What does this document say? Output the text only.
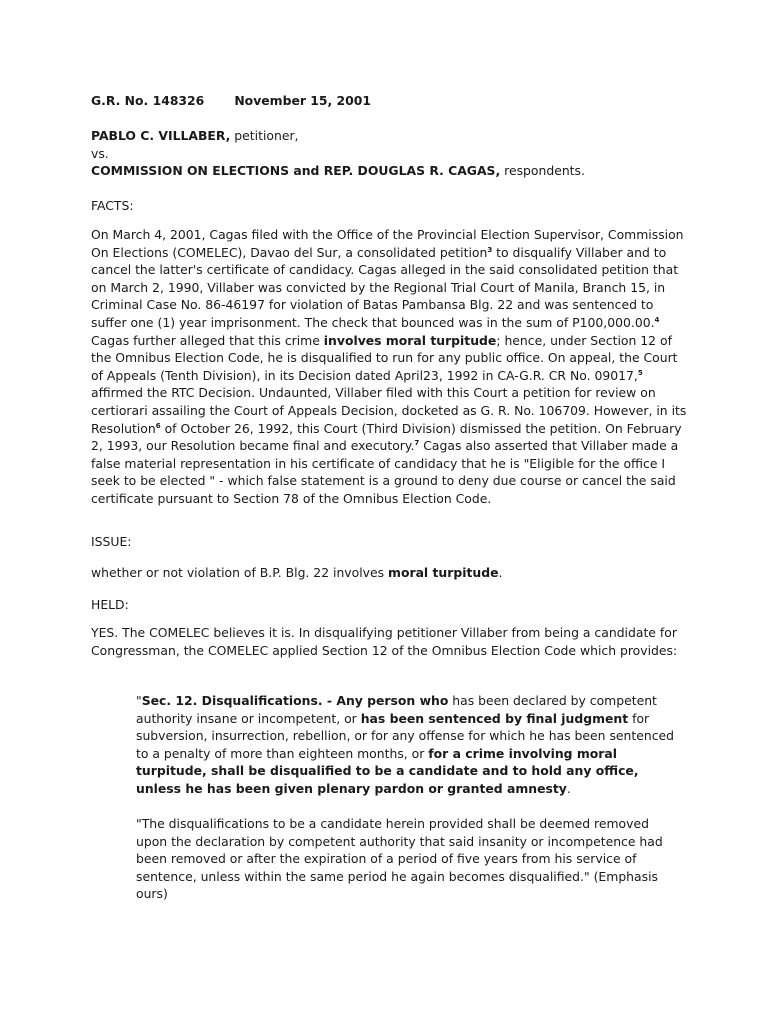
G.R. No. 148326 November 15, 2001

PABLO C. VILLABER, petitioner,

vs.

COMMISSION ON ELECTIONS and REP. DOUGLAS R. CAGAS, respondents.

FACTS:

On March 4, 2001, Cagas filed with the Office of the Provincial Election Supervisor, Commission On Elections (COMELEC), Davao del Sur, a consolidated petition$^3$ to disqualify Villaber and to cancel the latter's certificate of candidacy. Cagas alleged in the said consolidated petition that on March 2, 1990, Villaber was convicted by the Regional Trial Court of Manila, Branch 15, in Criminal Case No. 86-46197 for violation of Batas Pambansa Blg. 22 and was sentenced to suffer one (1) year imprisonment. The check that bounced was in the sum of P100,000.00.$^4$ Cagas further alleged that this crime involves moral turpitude; hence, under Section 12 of the Omnibus Election Code, he is disqualified to run for any public office. On appeal, the Court of Appeals (Tenth Division), in its Decision dated April23, 1992 in CA-G.R. CR No. 09017,$^5$ affirmed the RTC Decision. Undaunted, Villaber filed with this Court a petition for review on certiorari assailing the Court of Appeals Decision, docketed as G. R. No. 106709. However, in its Resolution$^6$ of October 26, 1992, this Court (Third Division) dismissed the petition. On February 2, 1993, our Resolution became final and executory.$^7$ Cagas also asserted that Villaber made a false material representation in his certificate of candidacy that he is "Eligible for the office I seek to be elected " - which false statement is a ground to deny due course or cancel the said certificate pursuant to Section 78 of the Omnibus Election Code.

ISSUE:

whether or not violation of B.P. Blg. 22 involves moral turpitude.

HELD:

YES. The COMELEC believes it is. In disqualifying petitioner Villaber from being a candidate for Congressman, the COMELEC applied Section 12 of the Omnibus Election Code which provides:

"Sec. 12. Disqualifications. - Any person who has been declared by competent authority insane or incompetent, or has been sentenced by final judgment for subversion, insurrection, rebellion, or for any offense for which he has been sentenced to a penalty of more than eighteen months, or for a crime involving moral turpitude, shall be disqualified to be a candidate and to hold any office, unless he has been given plenary pardon or granted amnesty.

"The disqualifications to be a candidate herein provided shall be deemed removed upon the declaration by competent authority that said insanity or incompetence had been removed or after the expiration of a period of five years from his service of sentence, unless within the same period he again becomes disqualified." (Emphasis ours)
